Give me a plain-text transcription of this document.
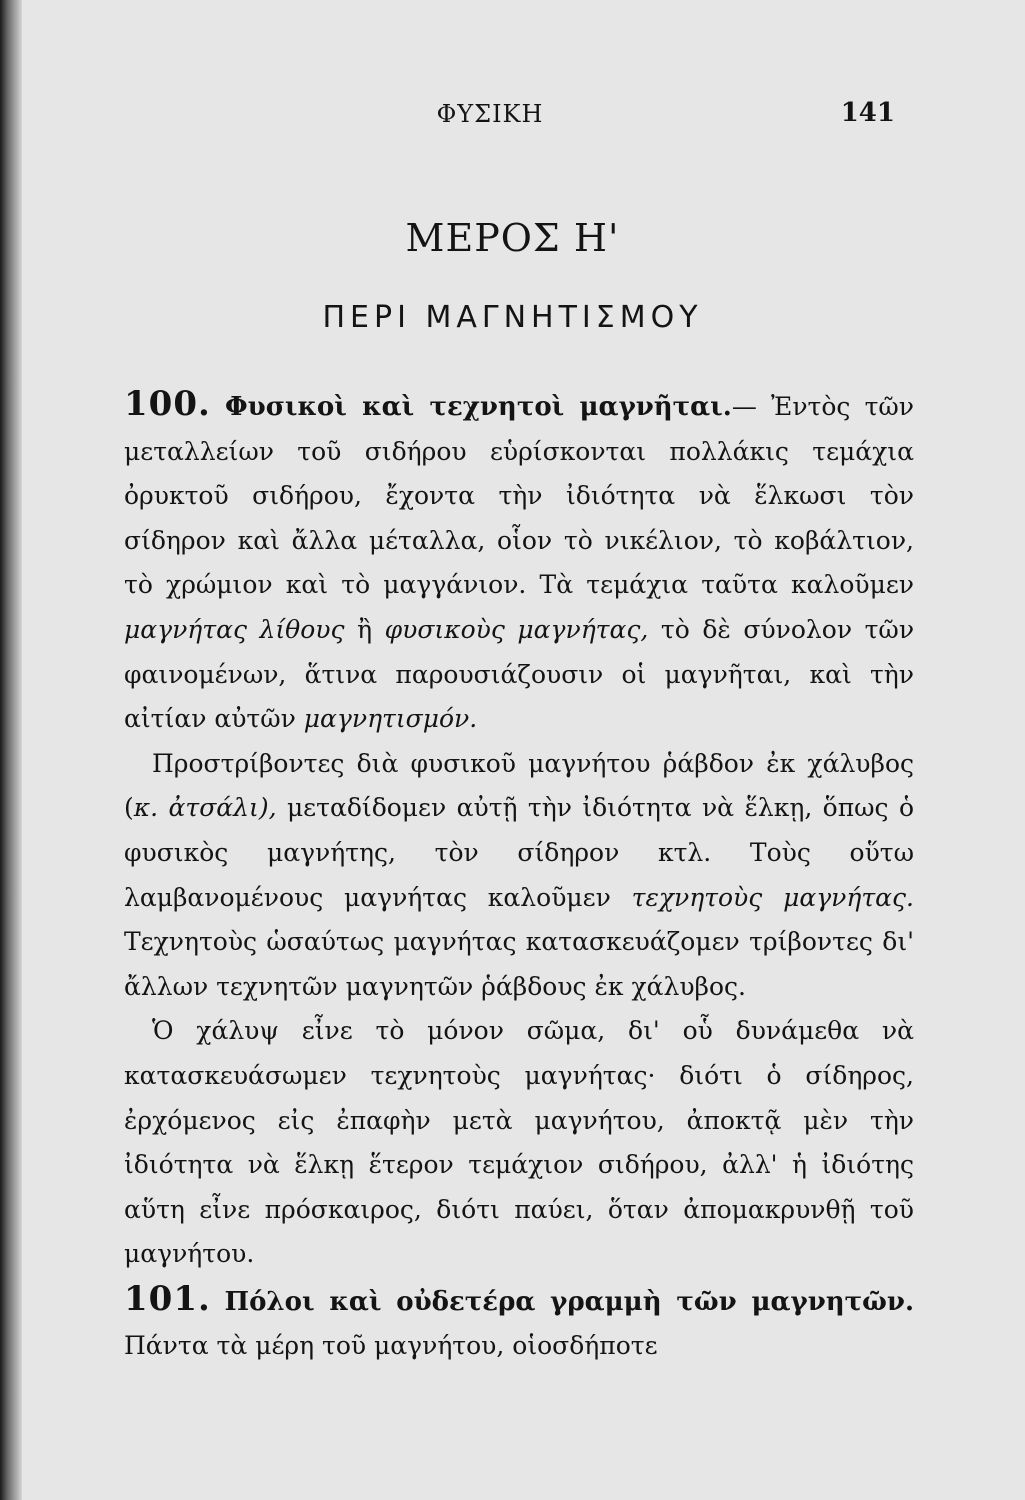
ΦΥΣΙΚΗ	141
ΜΕΡΟΣ Η'
ΠΕΡΙ ΜΑΓΝΗΤΙΣΜΟΥ

100. Φυσικοὶ καὶ τεχνητοὶ μαγνῆται.— Ἐντὸς τῶν μεταλλείων τοῦ σιδήρου εὑρίσκονται πολλάκις τεμάχια ὀρυκτοῦ σιδήρου, ἔχοντα τὴν ἰδιότητα νὰ ἕλκωσι τὸν σίδηρον καὶ ἄλλα μέταλλα, οἷον τὸ νικέλιον, τὸ κοβάλτιον, τὸ χρώμιον καὶ τὸ μαγγάνιον. Τὰ τεμάχια ταῦτα καλοῦμεν μαγνήτας λίθους ἢ φυσικοὺς μαγνήτας, τὸ δὲ σύνολον τῶν φαινομένων, ἅτινα παρουσιάζουσιν οἱ μαγνῆται, καὶ τὴν αἰτίαν αὐτῶν μαγνητισμόν.

Προστρίβοντες διὰ φυσικοῦ μαγνήτου ῥάβδον ἐκ χάλυβος (κ. ἀτσάλι), μεταδίδομεν αὐτῇ τὴν ἰδιότητα νὰ ἕλκῃ, ὅπως ὁ φυσικὸς μαγνήτης, τὸν σίδηρον κτλ. Τοὺς οὕτω λαμβανομένους μαγνήτας καλοῦμεν τεχνητοὺς μαγνήτας. Τεχνητοὺς ὡσαύτως μαγνήτας κατασκευάζομεν τρίβοντες δι' ἄλλων τεχνητῶν μαγνητῶν ῥάβδους ἐκ χάλυβος.

Ὁ χάλυψ εἶνε τὸ μόνον σῶμα, δι' οὗ δυνάμεθα νὰ κατασκευάσωμεν τεχνητοὺς μαγνήτας· διότι ὁ σίδηρος, ἐρχόμενος εἰς ἐπαφὴν μετὰ μαγνήτου, ἀποκτᾷ μὲν τὴν ἰδιότητα νὰ ἕλκῃ ἕτερον τεμάχιον σιδήρου, ἀλλ' ἡ ἰδιότης αὕτη εἶνε πρόσκαιρος, διότι παύει, ὅταν ἀπομακρυνθῇ τοῦ μαγνήτου.

101. Πόλοι καὶ οὐδετέρα γραμμὴ τῶν μαγνητῶν. Πάντα τὰ μέρη τοῦ μαγνήτου, οἱοσδήποτε
